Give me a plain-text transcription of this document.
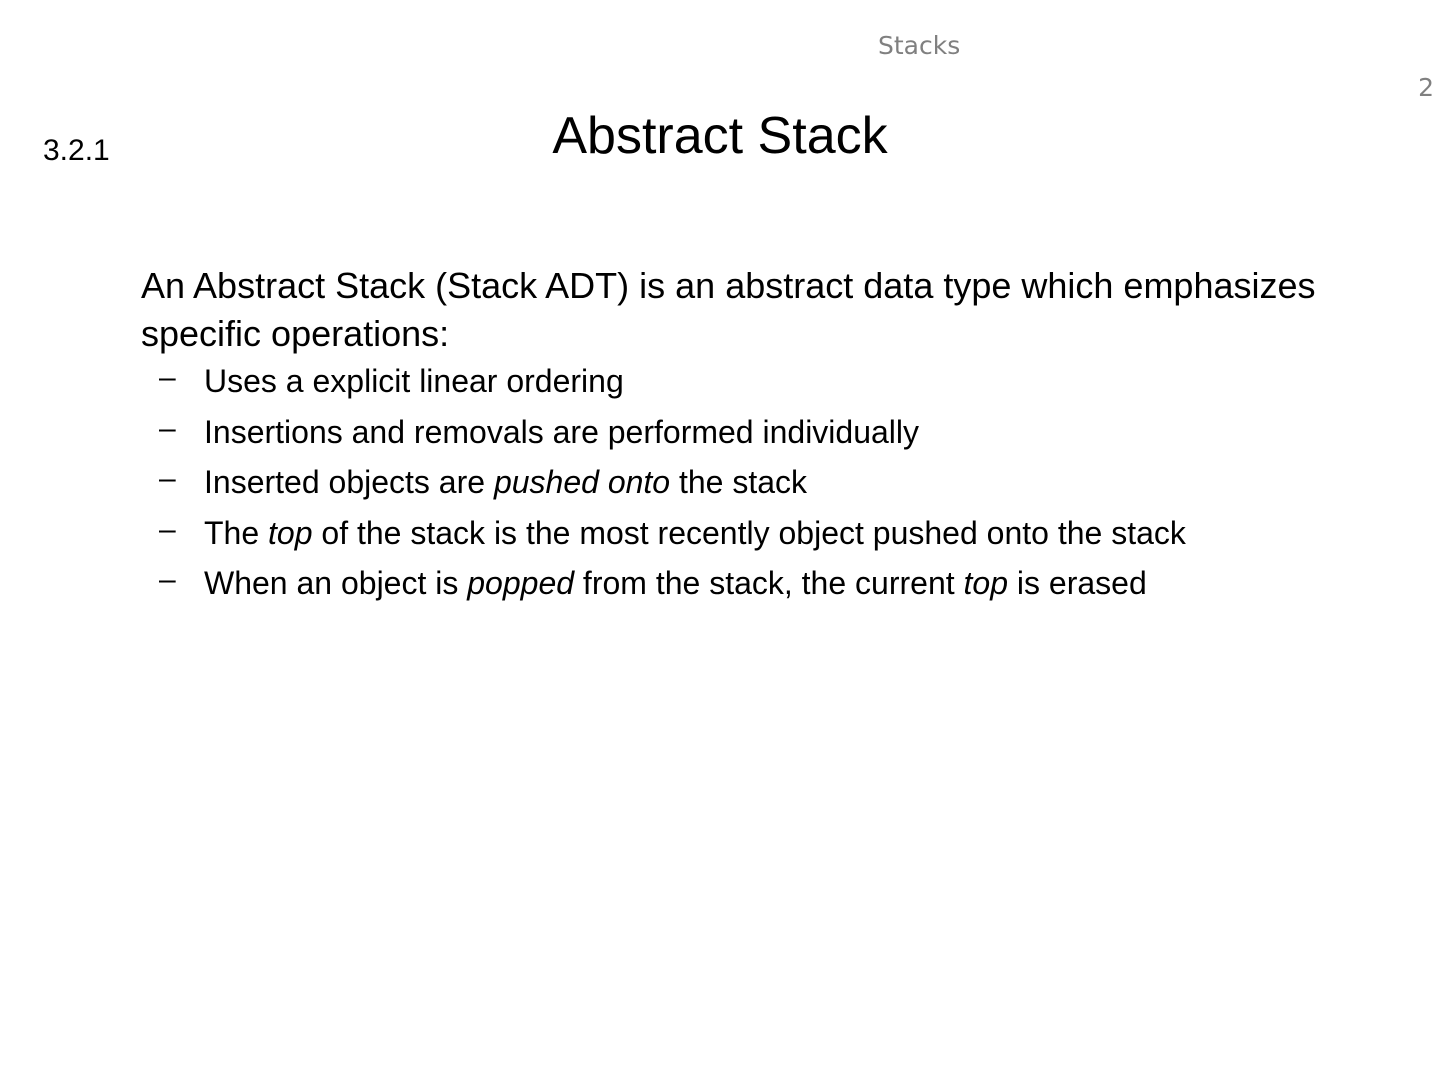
Stacks
2
3.2.1	Abstract Stack

An Abstract Stack (Stack ADT) is an abstract data type which emphasizes specific operations:

– Uses a explicit linear ordering
– Insertions and removals are performed individually
– Inserted objects are pushed onto the stack
– The top of the stack is the most recently object pushed onto the stack
– When an object is popped from the stack, the current top is erased
